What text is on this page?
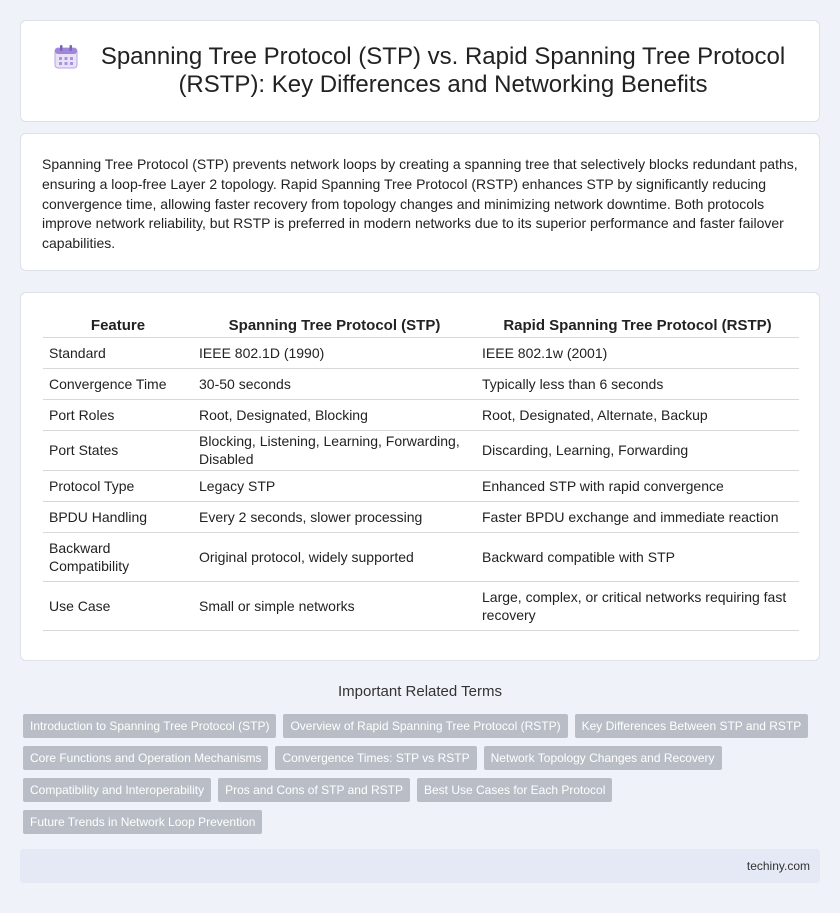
Spanning Tree Protocol (STP) vs. Rapid Spanning Tree Protocol (RSTP): Key Differences and Networking Benefits

Spanning Tree Protocol (STP) prevents network loops by creating a spanning tree that selectively blocks redundant paths, ensuring a loop-free Layer 2 topology. Rapid Spanning Tree Protocol (RSTP) enhances STP by significantly reducing convergence time, allowing faster recovery from topology changes and minimizing network downtime. Both protocols improve network reliability, but RSTP is preferred in modern networks due to its superior performance and faster failover capabilities.

Feature	Spanning Tree Protocol (STP)	Rapid Spanning Tree Protocol (RSTP)
Standard	IEEE 802.1D (1990)	IEEE 802.1w (2001)
Convergence Time	30-50 seconds	Typically less than 6 seconds
Port Roles	Root, Designated, Blocking	Root, Designated, Alternate, Backup
Port States	Blocking, Listening, Learning, Forwarding, Disabled	Discarding, Learning, Forwarding
Protocol Type	Legacy STP	Enhanced STP with rapid convergence
BPDU Handling	Every 2 seconds, slower processing	Faster BPDU exchange and immediate reaction
Backward Compatibility	Original protocol, widely supported	Backward compatible with STP
Use Case	Small or simple networks	Large, complex, or critical networks requiring fast recovery
Important Related Terms
Introduction to Spanning Tree Protocol (STP)	Overview of Rapid Spanning Tree Protocol (RSTP)	Key Differences Between STP and RSTP
Core Functions and Operation Mechanisms	Convergence Times: STP vs RSTP	Network Topology Changes and Recovery
Compatibility and Interoperability	Pros and Cons of STP and RSTP	Best Use Cases for Each Protocol
Future Trends in Network Loop Prevention
techiny.com
